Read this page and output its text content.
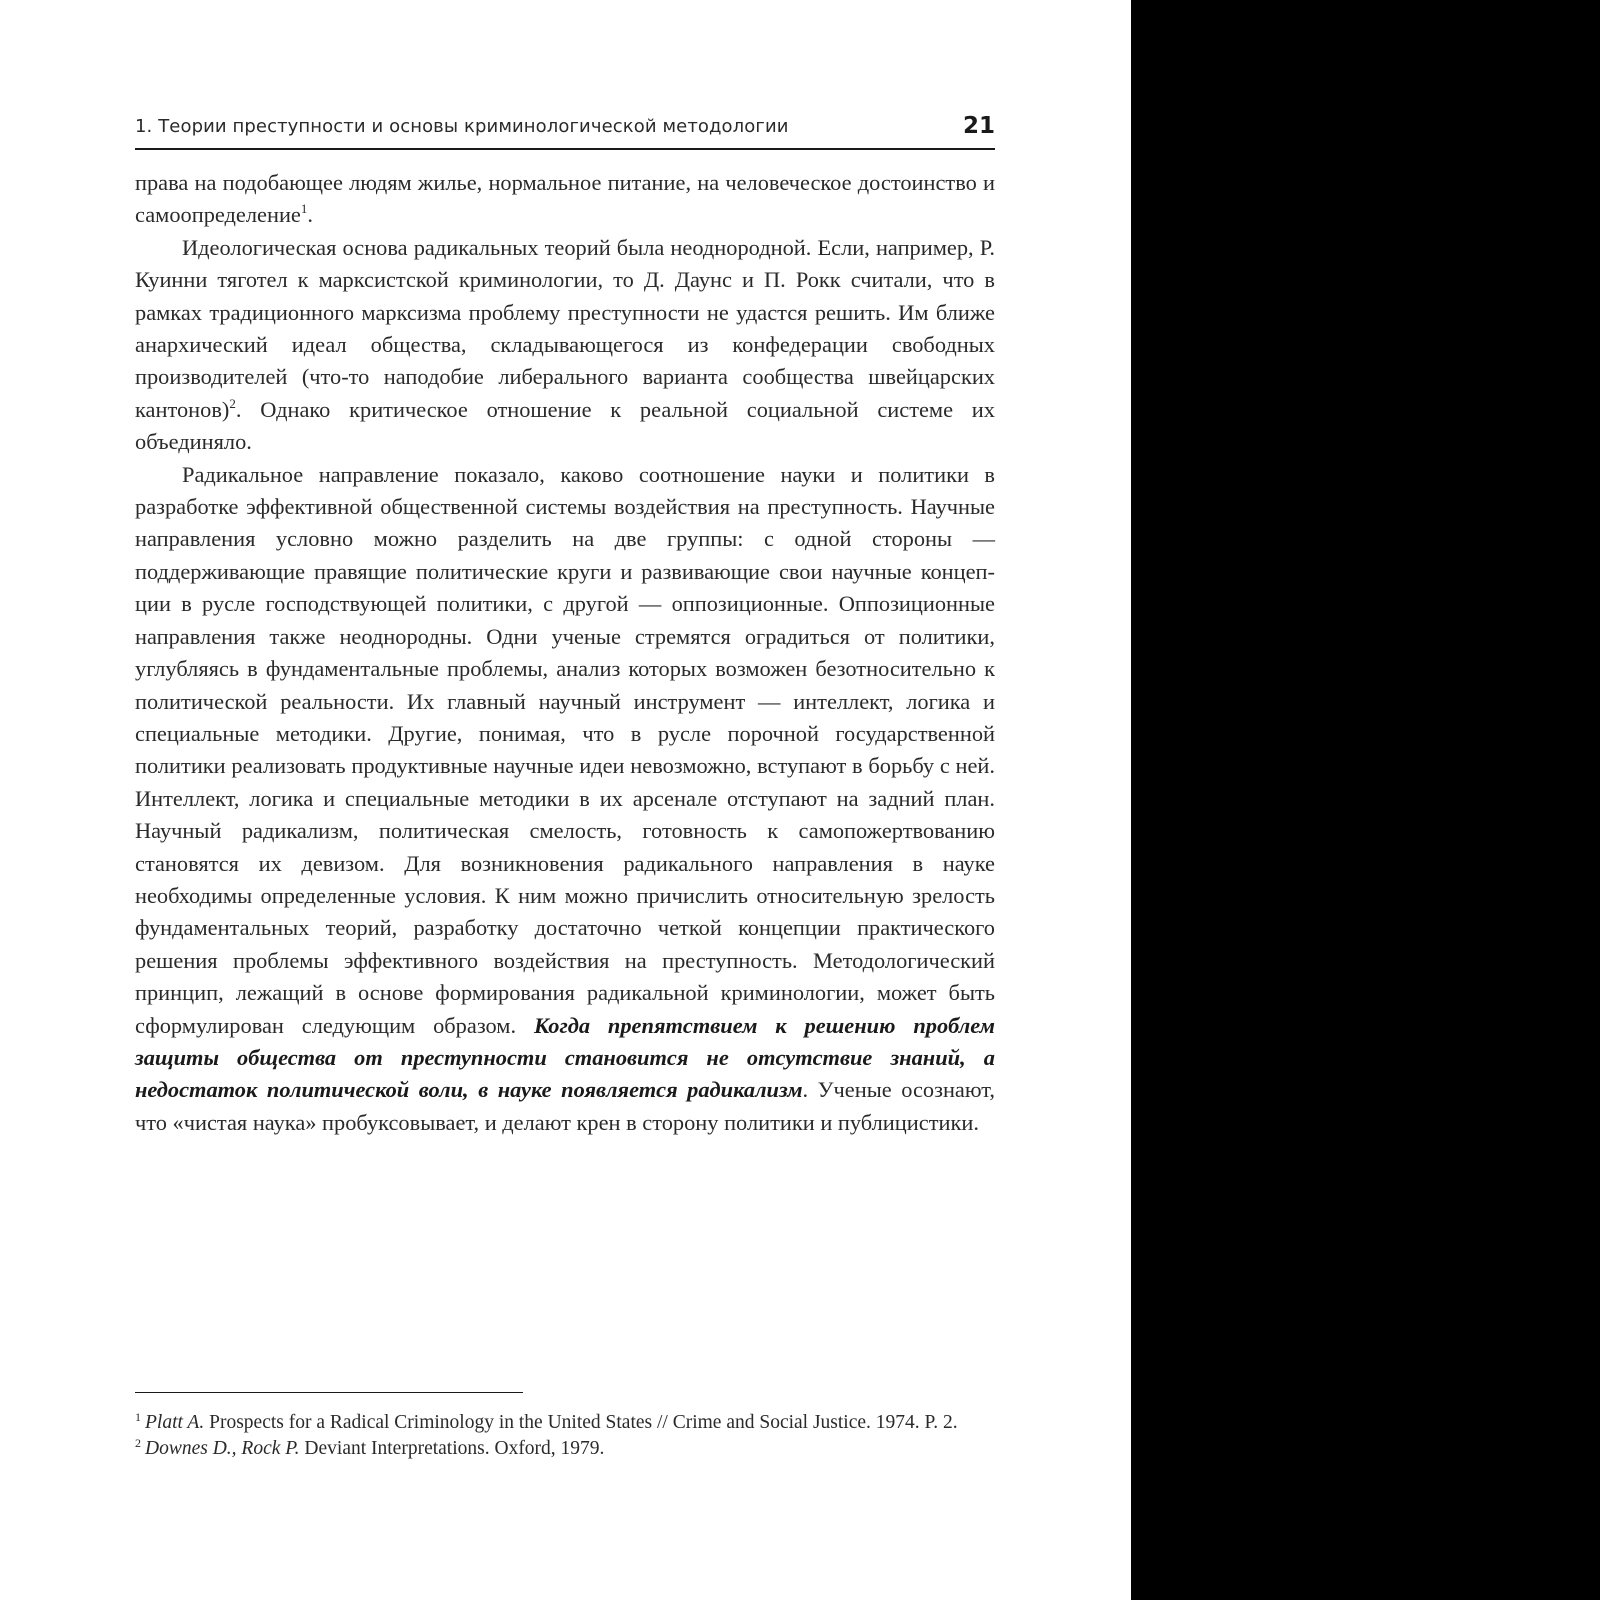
1. Теории преступности и основы криминологической методологии	21

права на подобающее людям жилье, нормальное питание, на человеческое достоинство и самоопределение$^1$.

Идеологическая основа радикальных теорий была неоднородной. Если, например, Р. Куинни тяготел к марксистской криминологии, то Д. Даунс и П. Рокк считали, что в рамках традиционного марксизма проблему преступности не удастся решить. Им ближе анархический идеал общества, складывающегося из конфедерации свободных производителей (что-то наподобие либерального варианта сообщества швейцарских кантонов)$^2$. Однако критическое отношение к реальной социальной системе их объединяло.

Радикальное направление показало, каково соотношение науки и политики в разработке эффективной общественной системы воздействия на преступность. Научные направления условно можно разделить на две группы: с одной стороны — поддерживающие правящие политические круги и развивающие свои научные концепции в русле господствующей политики, с другой — оппозиционные. Оппозиционные направления также неоднородны. Одни ученые стремятся оградиться от политики, углубляясь в фундаментальные проблемы, анализ которых возможен безотносительно к политической реальности. Их главный научный инструмент — интеллект, логика и специальные методики. Другие, понимая, что в русле порочной государственной политики реализовать продуктивные научные идеи невозможно, вступают в борьбу с ней. Интеллект, логика и специальные методики в их арсенале отступают на задний план. Научный радикализм, политическая смелость, готовность к самопожертвованию становятся их девизом. Для возникновения радикального направления в науке необходимы определенные условия. К ним можно причислить относительную зрелость фундаментальных теорий, разработку достаточно четкой концепции практического решения проблемы эффективного воздействия на преступность. Методологический принцип, лежащий в основе формирования радикальной криминологии, может быть сформулирован следующим образом. Когда препятствием к решению проблем защиты общества от преступности становится не отсутствие знаний, а недостаток политической воли, в науке появляется радикализм. Ученые осознают, что «чистая наука» пробуксовывает, и делают крен в сторону политики и публицистики.

$^1$ Platt A. Prospects for a Radical Criminology in the United States // Crime and Social Justice. 1974. P. 2.

$^2$ Downes D., Rock P. Deviant Interpretations. Oxford, 1979.
